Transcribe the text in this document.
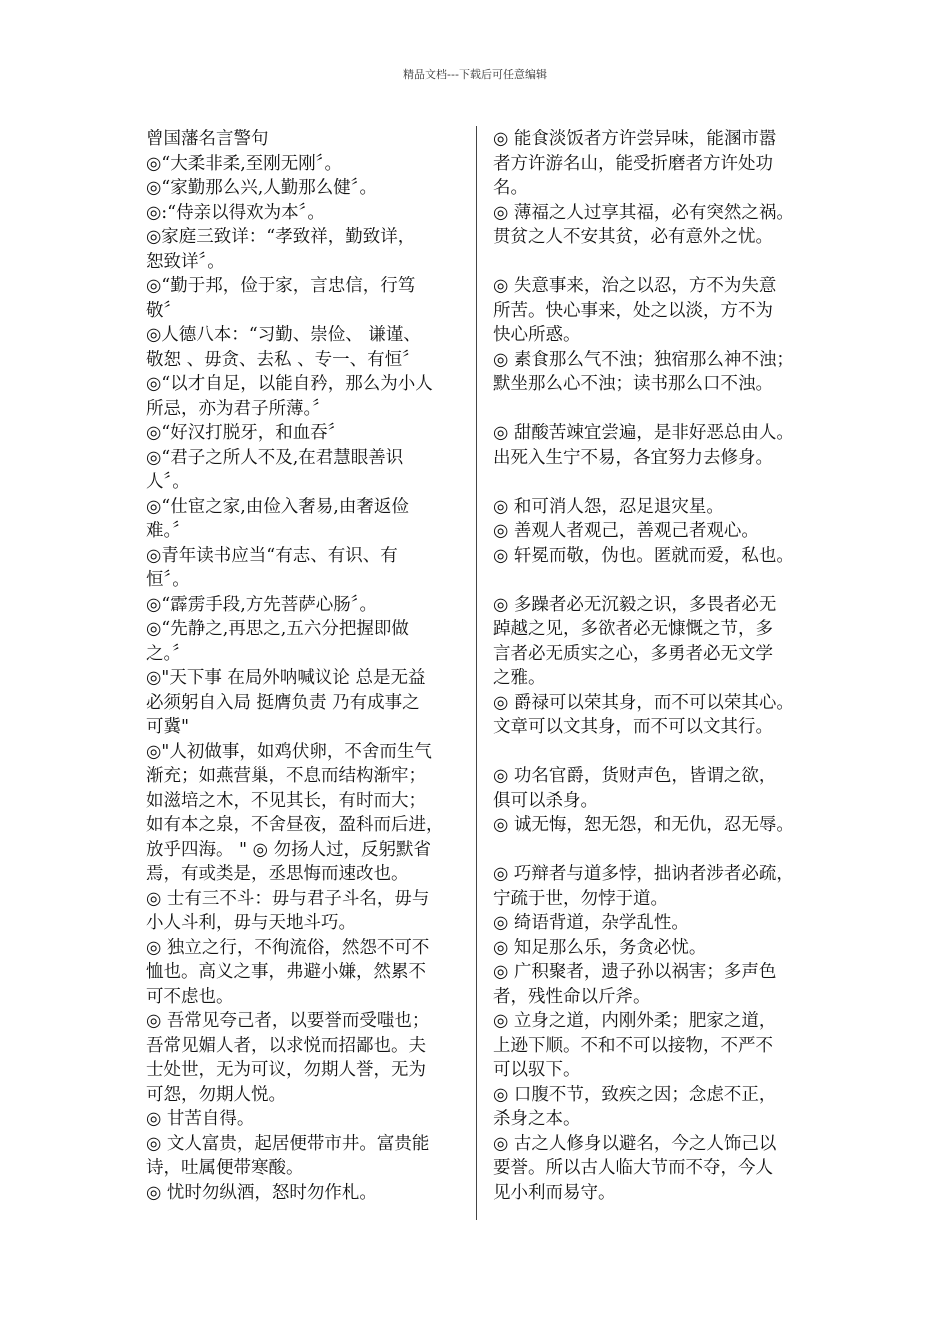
精品文档---下载后可任意编辑
曾国藩名言警句
◎“大柔非柔,至刚无刚〞。
◎“家勤那么兴,人勤那么健〞。
◎:“侍亲以得欢为本〞。
◎家庭三致详：“孝致祥，勤致详，
恕致详〞。
◎“勤于邦，俭于家，言忠信，行笃
敬〞
◎人德八本：“习勤、崇俭、 谦谨、
敬恕 、毋贪、去私 、专一、有恒〞
◎“以才自足，以能自矜，那么为小人
所忌，亦为君子所薄。〞
◎“好汉打脱牙，和血吞〞
◎“君子之所人不及,在君慧眼善识
人〞。
◎“仕宦之家,由俭入奢易,由奢返俭
难。〞
◎青年读书应当“有志、有识、有
恒〞。
◎“霹雳手段,方先菩萨心肠〞。
◎“先静之,再思之,五六分把握即做
之。〞
◎"天下事 在局外呐喊议论 总是无益
必须躬自入局 挺膺负责 乃有成事之
可冀"
◎"人初做事，如鸡伏卵，不舍而生气
渐充；如燕营巢，不息而结构渐牢；
如滋培之木，不见其长，有时而大；
如有本之泉，不舍昼夜，盈科而后进，
放乎四海。 " ◎ 勿扬人过，反躬默省
焉，有或类是，丞思悔而速改也。
◎ 士有三不斗：毋与君子斗名，毋与
小人斗利，毋与天地斗巧。
◎ 独立之行，不徇流俗，然怨不可不
恤也。高义之事，弗避小嫌，然累不
可不虑也。
◎ 吾常见夸己者，以要誉而受嗤也；
吾常见媚人者，以求悦而招鄙也。夫
士处世，无为可议，勿期人誉，无为
可怨，勿期人悦。
◎ 甘苦自得。
◎ 文人富贵，起居便带市井。富贵能
诗，吐属便带寒酸。
◎ 忧时勿纵酒，怒时勿作札。
◎ 能食淡饭者方许尝异味，能溷市嚣
者方许游名山，能受折磨者方许处功
名。
◎ 薄福之人过享其福，必有突然之祸。
贯贫之人不安其贫，必有意外之忧。
◎ 失意事来，治之以忍，方不为失意
所苦。快心事来，处之以淡，方不为
快心所惑。
◎ 素食那么气不浊；独宿那么神不浊；
默坐那么心不浊；读书那么口不浊。
◎ 甜酸苦竦宜尝遍，是非好恶总由人。
出死入生宁不易，各宜努力去修身。
◎ 和可消人怨，忍足退灾星。
◎ 善观人者观己，善观己者观心。
◎ 轩冕而敬，伪也。匿就而爱，私也。
◎ 多躁者必无沉毅之识，多畏者必无
踔越之见，多欲者必无慷慨之节，多
言者必无质实之心，多勇者必无文学
之雅。
◎ 爵禄可以荣其身，而不可以荣其心。
文章可以文其身，而不可以文其行。
◎ 功名官爵，货财声色，皆谓之欲，
俱可以杀身。
◎ 诚无悔，恕无怨，和无仇，忍无辱。
◎ 巧辩者与道多悖，拙讷者涉者必疏，
宁疏于世，勿悖于道。
◎ 绮语背道，杂学乱性。
◎ 知足那么乐，务贪必忧。
◎ 广积聚者，遗子孙以祸害；多声色
者，残性命以斤斧。
◎ 立身之道，内刚外柔；肥家之道，
上逊下顺。不和不可以接物，不严不
可以驭下。
◎ 口腹不节，致疾之因；念虑不正，
杀身之本。
◎ 古之人修身以避名，今之人饰己以
要誉。所以古人临大节而不夺，今人
见小利而易守。
